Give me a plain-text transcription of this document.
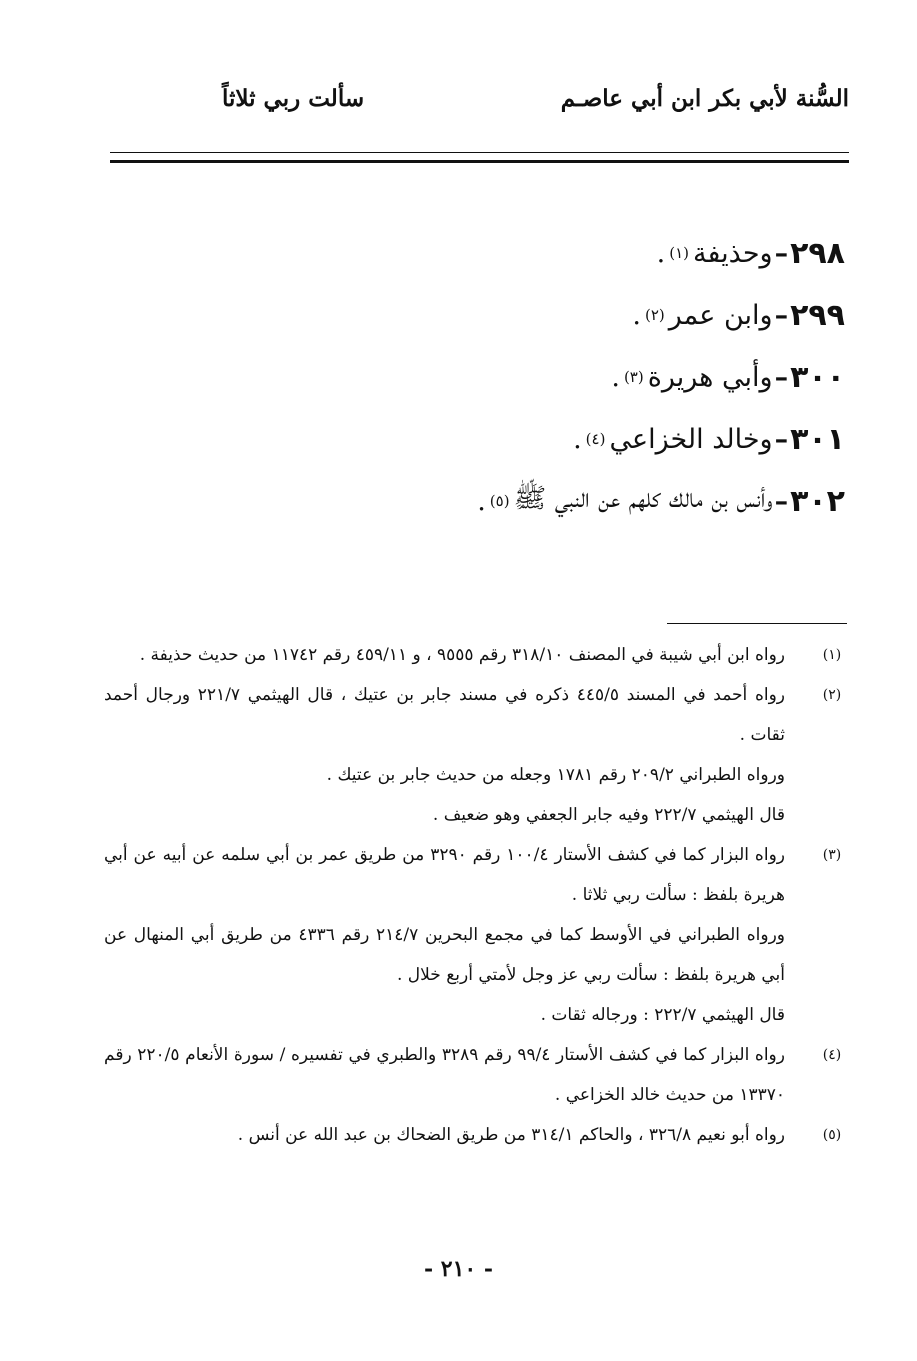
السُّنة لأبي بكر ابن أبي عاصـم
سألت ربي ثلاثاً
٢٩٨
–
وحذيفة
(١)
.
٢٩٩
–
وابن عمر
(٢)
.
٣٠٠
–
وأبي هريرة
(٣)
.
٣٠١
–
وخالد الخزاعي
(٤)
.
٣٠٢
–
وأنس بن مالك كلهم عن النبي ﷺ
(٥)
.
(١)

رواه ابن أبي شيبة في المصنف ٣١٨/١٠ رقم ٩٥٥٥ ، و ٤٥٩/١١ رقم ١١٧٤٢ من حديث حذيفة .

(٢)

رواه أحمد في المسند ٤٤٥/٥ ذكره في مسند جابر بن عتيك ، قال الهيثمي ٢٢١/٧ ورجال أحمد ثقات .

ورواه الطبراني ٢٠٩/٢ رقم ١٧٨١ وجعله من حديث جابر بن عتيك .

قال الهيثمي ٢٢٢/٧ وفيه جابر الجعفي وهو ضعيف .

(٣)

رواه البزار كما في كشف الأستار ١٠٠/٤ رقم ٣٢٩٠ من طريق عمر بن أبي سلمه عن أبيه عن أبي هريرة بلفظ : سألت ربي ثلاثا .

ورواه الطبراني في الأوسط كما في مجمع البحرين ٢١٤/٧ رقم ٤٣٣٦ من طريق أبي المنهال عن أبي هريرة بلفظ : سألت ربي عز وجل لأمتي أربع خلال .

قال الهيثمي ٢٢٢/٧ : ورجاله ثقات .

(٤)

رواه البزار كما في كشف الأستار ٩٩/٤ رقم ٣٢٨٩ والطبري في تفسيره / سورة الأنعام ٢٢٠/٥ رقم ١٣٣٧٠ من حديث خالد الخزاعي .

(٥)

رواه أبو نعيم ٣٢٦/٨ ، والحاكم ٣١٤/١ من طريق الضحاك بن عبد الله عن أنس .

- ٢١٠ -
